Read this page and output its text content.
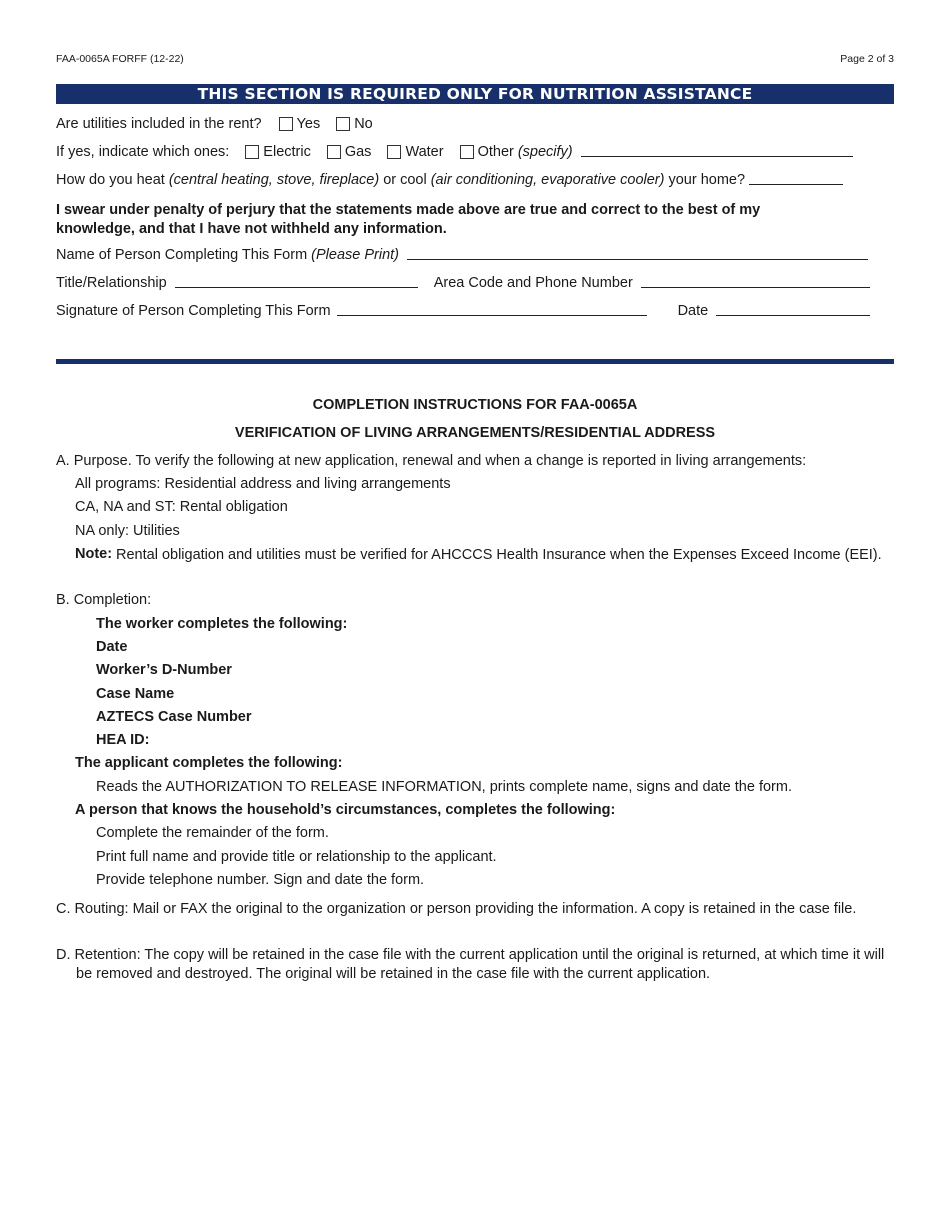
FAA-0065A FORFF (12-22)	Page 2 of 3
THIS SECTION IS REQUIRED ONLY FOR NUTRITION ASSISTANCE
Are utilities included in the rent? Yes No
If yes, indicate which ones: Electric Gas Water Other (specify)
How do you heat (central heating, stove, fireplace) or cool (air conditioning, evaporative cooler) your home?
I swear under penalty of perjury that the statements made above are true and correct to the best of my knowledge, and that I have not withheld any information.
Name of Person Completing This Form (Please Print)
Title/Relationship	Area Code and Phone Number
Signature of Person Completing This Form	Date
COMPLETION INSTRUCTIONS FOR FAA-0065A
VERIFICATION OF LIVING ARRANGEMENTS/RESIDENTIAL ADDRESS
A. Purpose. To verify the following at new application, renewal and when a change is reported in living arrangements:
All programs: Residential address and living arrangements
CA, NA and ST: Rental obligation
NA only: Utilities
Note: Rental obligation and utilities must be verified for AHCCCS Health Insurance when the Expenses Exceed Income (EEI).
B. Completion:
The worker completes the following:
Date
Worker’s D-Number
Case Name
AZTECS Case Number
HEA ID:
The applicant completes the following:
Reads the AUTHORIZATION TO RELEASE INFORMATION, prints complete name, signs and date the form.
A person that knows the household’s circumstances, completes the following:
Complete the remainder of the form.
Print full name and provide title or relationship to the applicant.
Provide telephone number. Sign and date the form.
C. Routing: Mail or FAX the original to the organization or person providing the information. A copy is retained in the case file.
D. Retention: The copy will be retained in the case file with the current application until the original is returned, at which time it will be removed and destroyed. The original will be retained in the case file with the current application.
